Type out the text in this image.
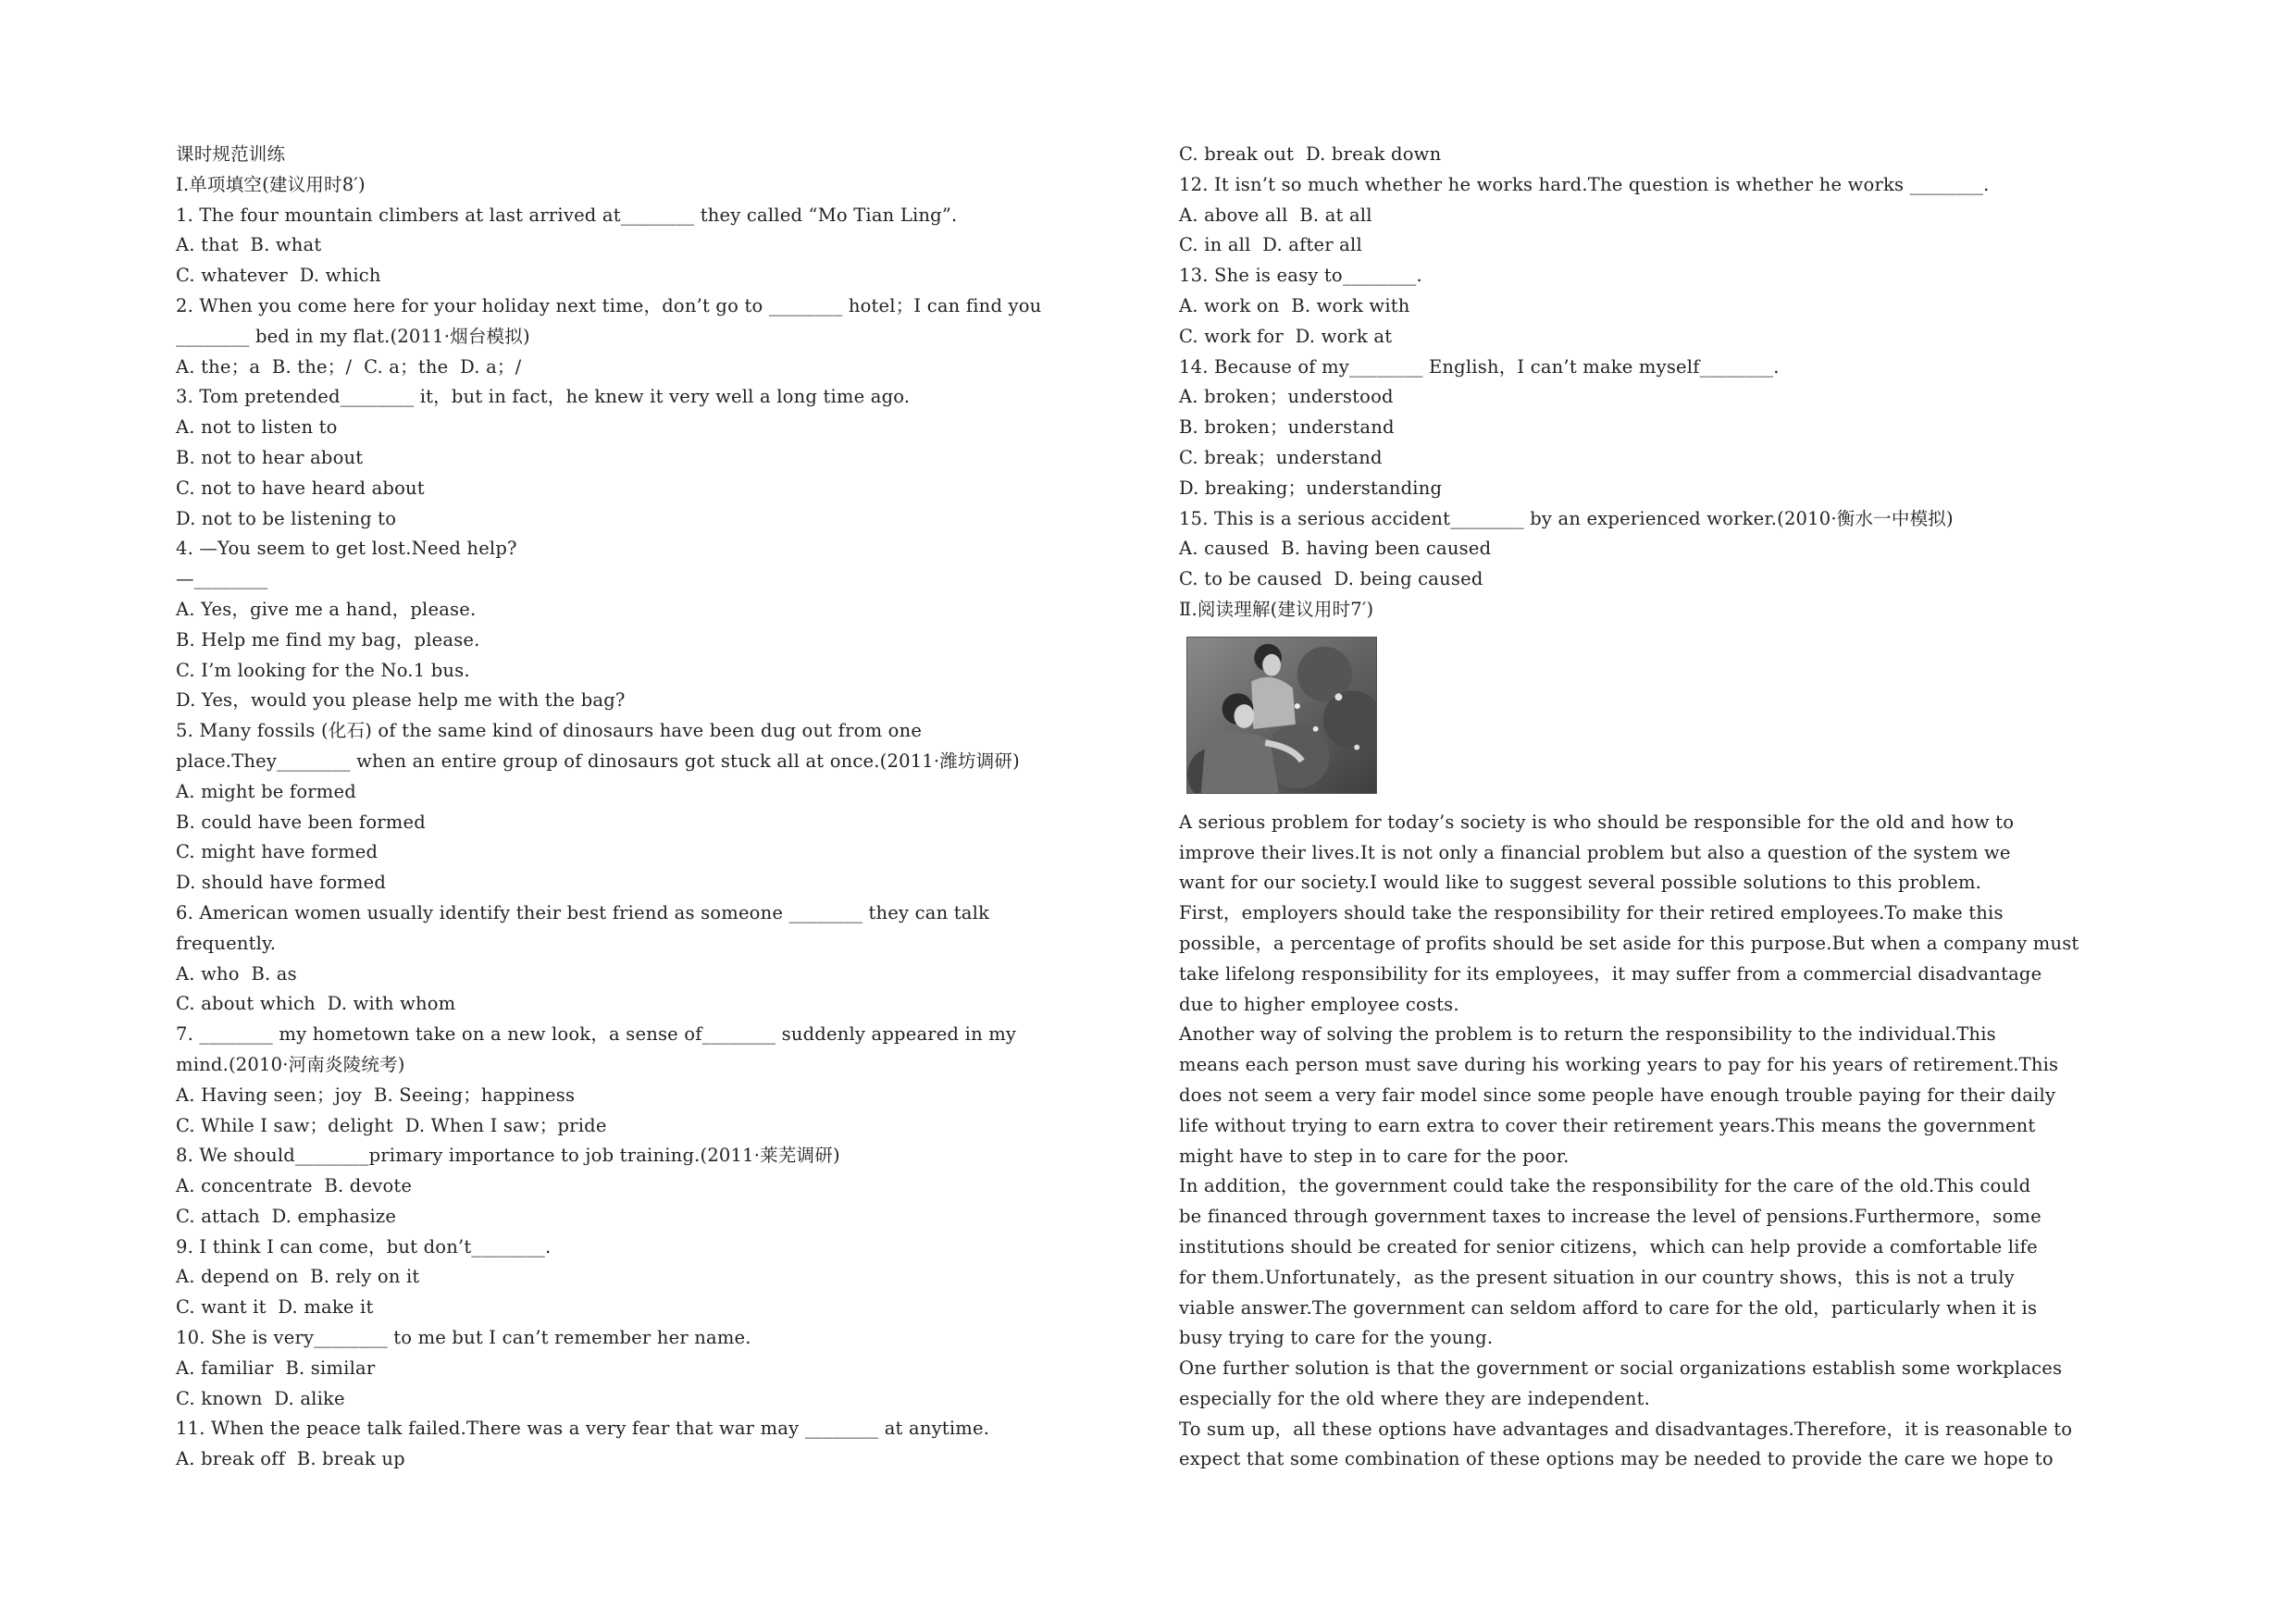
课时规范训练
Ⅰ.单项填空(建议用时8′)
1. The four mountain climbers at last arrived at________ they called “Mo Tian Ling”.
A. that  B. what
C. whatever  D. which
2. When you come here for your holiday next time，don’t go to ________ hotel；I can find you
________ bed in my flat.(2011·烟台模拟)
A. the；a  B. the；/  C. a；the  D. a；/
3. Tom pretended________ it，but in fact，he knew it very well a long time ago.
A. not to listen to
B. not to hear about
C. not to have heard about
D. not to be listening to
4. —You seem to get lost.Need help?
—________
A. Yes，give me a hand，please.
B. Help me find my bag，please.
C. I’m looking for the No.1 bus.
D. Yes，would you please help me with the bag?
5. Many fossils (化石) of the same kind of dinosaurs have been dug out from one
place.They________ when an entire group of dinosaurs got stuck all at once.(2011·潍坊调研)
A. might be formed
B. could have been formed
C. might have formed
D. should have formed
6. American women usually identify their best friend as someone ________ they can talk
frequently.
A. who  B. as
C. about which  D. with whom
7. ________ my hometown take on a new look，a sense of________ suddenly appeared in my
mind.(2010·河南炎陵统考)
A. Having seen；joy  B. Seeing；happiness
C. While I saw；delight  D. When I saw；pride
8. We should________primary importance to job training.(2011·莱芜调研)
A. concentrate  B. devote
C. attach  D. emphasize
9. I think I can come，but don’t________.
A. depend on  B. rely on it
C. want it  D. make it
10. She is very________ to me but I can’t remember her name.
A. familiar  B. similar
C. known  D. alike
11. When the peace talk failed.There was a very fear that war may ________ at anytime.
A. break off  B. break up
C. break out  D. break down
12. It isn’t so much whether he works hard.The question is whether he works ________.
A. above all  B. at all
C. in all  D. after all
13. She is easy to________.
A. work on  B. work with
C. work for  D. work at
14. Because of my________ English，I can’t make myself________.
A. broken；understood
B. broken；understand
C. break；understand
D. breaking；understanding
15. This is a serious accident________ by an experienced worker.(2010·衡水一中模拟)
A. caused  B. having been caused
C. to be caused  D. being caused
Ⅱ.阅读理解(建议用时7′)
A serious problem for today’s society is who should be responsible for the old and how to
improve their lives.It is not only a financial problem but also a question of the system we
want for our society.I would like to suggest several possible solutions to this problem.
First，employers should take the responsibility for their retired employees.To make this
possible，a percentage of profits should be set aside for this purpose.But when a company must
take lifelong responsibility for its employees，it may suffer from a commercial disadvantage
due to higher employee costs.
Another way of solving the problem is to return the responsibility to the individual.This
means each person must save during his working years to pay for his years of retirement.This
does not seem a very fair model since some people have enough trouble paying for their daily
life without trying to earn extra to cover their retirement years.This means the government
might have to step in to care for the poor.
In addition，the government could take the responsibility for the care of the old.This could
be financed through government taxes to increase the level of pensions.Furthermore，some
institutions should be created for senior citizens，which can help provide a comfortable life
for them.Unfortunately，as the present situation in our country shows，this is not a truly
viable answer.The government can seldom afford to care for the old，particularly when it is
busy trying to care for the young.
One further solution is that the government or social organizations establish some workplaces
especially for the old where they are independent.
To sum up，all these options have advantages and disadvantages.Therefore，it is reasonable to
expect that some combination of these options may be needed to provide the care we hope to
